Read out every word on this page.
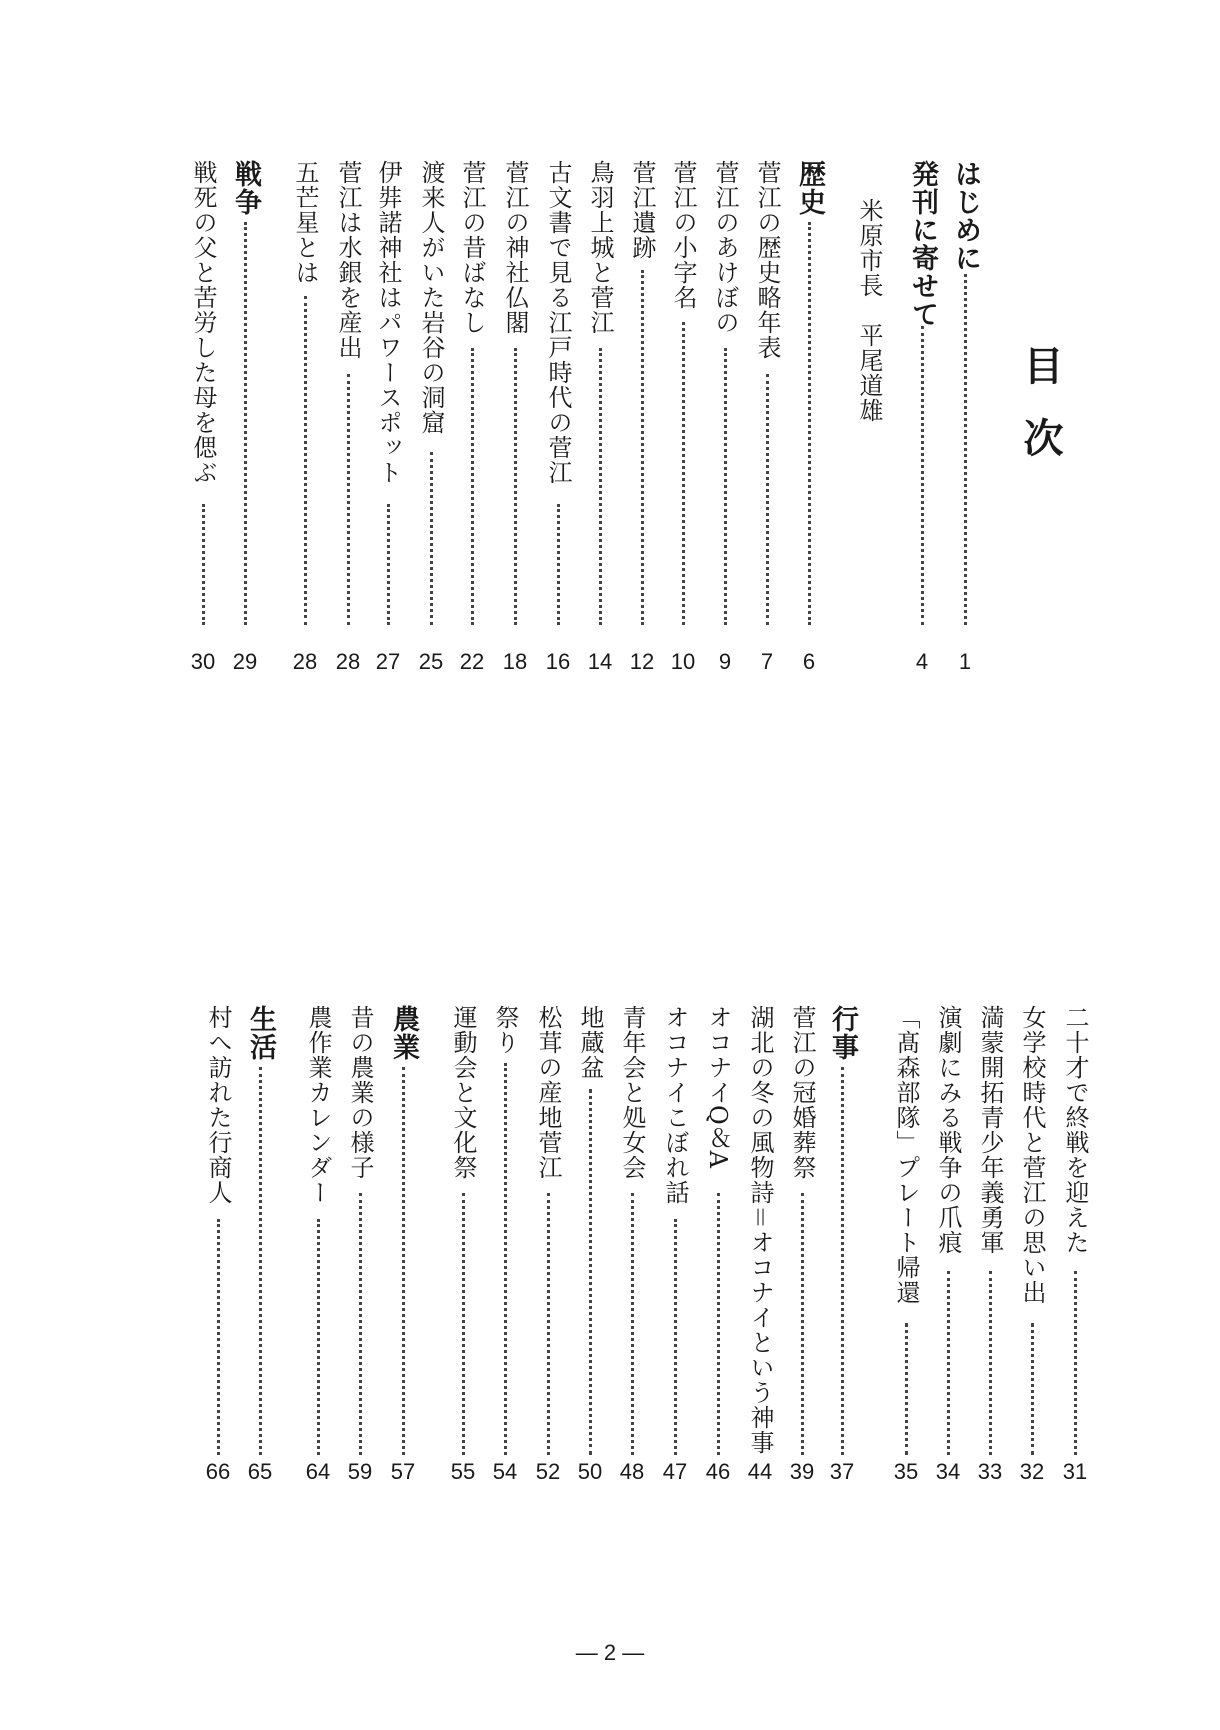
目次
はじめに
1
発刊に寄せて
4
米原市長　平尾道雄
歴史
6
菅江の歴史略年表
7
菅江のあけぼの
9
菅江の小字名
10
菅江遺跡
12
鳥羽上城と菅江
14
古文書で見る江戸時代の菅江
16
菅江の神社仏閣
18
菅江の昔ばなし
22
渡来人がいた岩谷の洞窟
25
伊弉諾神社はパワースポット
27
菅江は水銀を産出
28
五芒星とは
28
戦争
29
戦死の父と苦労した母を偲ぶ
30
二十才で終戦を迎えた
31
女学校時代と菅江の思い出
32
満蒙開拓青少年義勇軍
33
演劇にみる戦争の爪痕
34
「髙森部隊」プレート帰還
35
行事
37
菅江の冠婚葬祭
39
湖北の冬の風物詩＝オコナイという神事
44
オコナイQ＆A
46
オコナイこぼれ話
47
青年会と処女会
48
地蔵盆
50
松茸の産地菅江
52
祭り
54
運動会と文化祭
55
農業
57
昔の農業の様子
59
農作業カレンダー
64
生活
65
村へ訪れた行商人
66
― 2 ―
